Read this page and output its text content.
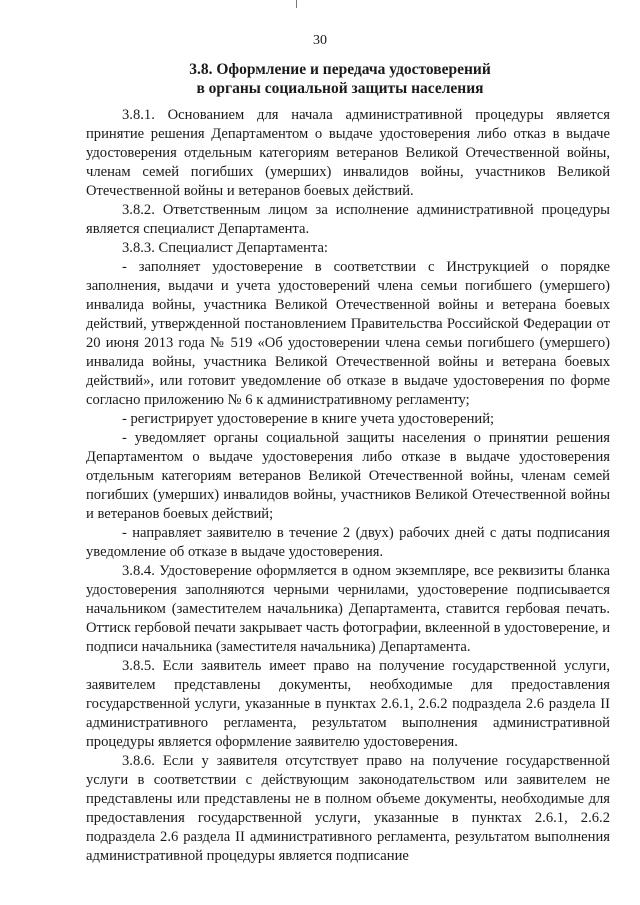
30
3.8. Оформление и передача удостоверений
в органы социальной защиты населения
3.8.1. Основанием для начала административной процедуры является принятие решения Департаментом о выдаче удостоверения либо отказ в выдаче удостоверения отдельным категориям ветеранов Великой Отечественной войны, членам семей погибших (умерших) инвалидов войны, участников Великой Отечественной войны и ветеранов боевых действий.
3.8.2. Ответственным лицом за исполнение административной процедуры является специалист Департамента.
3.8.3. Специалист Департамента:
- заполняет удостоверение в соответствии с Инструкцией о порядке заполнения, выдачи и учета удостоверений члена семьи погибшего (умершего) инвалида войны, участника Великой Отечественной войны и ветерана боевых действий, утвержденной постановлением Правительства Российской Федерации от 20 июня 2013 года № 519 «Об удостоверении члена семьи погибшего (умершего) инвалида войны, участника Великой Отечественной войны и ветерана боевых действий», или готовит уведомление об отказе в выдаче удостоверения по форме согласно приложению № 6 к административному регламенту;
- регистрирует удостоверение в книге учета удостоверений;
- уведомляет органы социальной защиты населения о принятии решения Департаментом о выдаче удостоверения либо отказе в выдаче удостоверения отдельным категориям ветеранов Великой Отечественной войны, членам семей погибших (умерших) инвалидов войны, участников Великой Отечественной войны и ветеранов боевых действий;
- направляет заявителю в течение 2 (двух) рабочих дней с даты подписания уведомление об отказе в выдаче удостоверения.
3.8.4. Удостоверение оформляется в одном экземпляре, все реквизиты бланка удостоверения заполняются черными чернилами, удостоверение подписывается начальником (заместителем начальника) Департамента, ставится гербовая печать. Оттиск гербовой печати закрывает часть фотографии, вклеенной в удостоверение, и подписи начальника (заместителя начальника) Департамента.
3.8.5. Если заявитель имеет право на получение государственной услуги, заявителем представлены документы, необходимые для предоставления государственной услуги, указанные в пунктах 2.6.1, 2.6.2 подраздела 2.6 раздела II административного регламента, результатом выполнения административной процедуры является оформление заявителю удостоверения.
3.8.6. Если у заявителя отсутствует право на получение государственной услуги в соответствии с действующим законодательством или заявителем не представлены или представлены не в полном объеме документы, необходимые для предоставления государственной услуги, указанные в пунктах 2.6.1, 2.6.2 подраздела 2.6 раздела II административного регламента, результатом выполнения административной процедуры является подписание
